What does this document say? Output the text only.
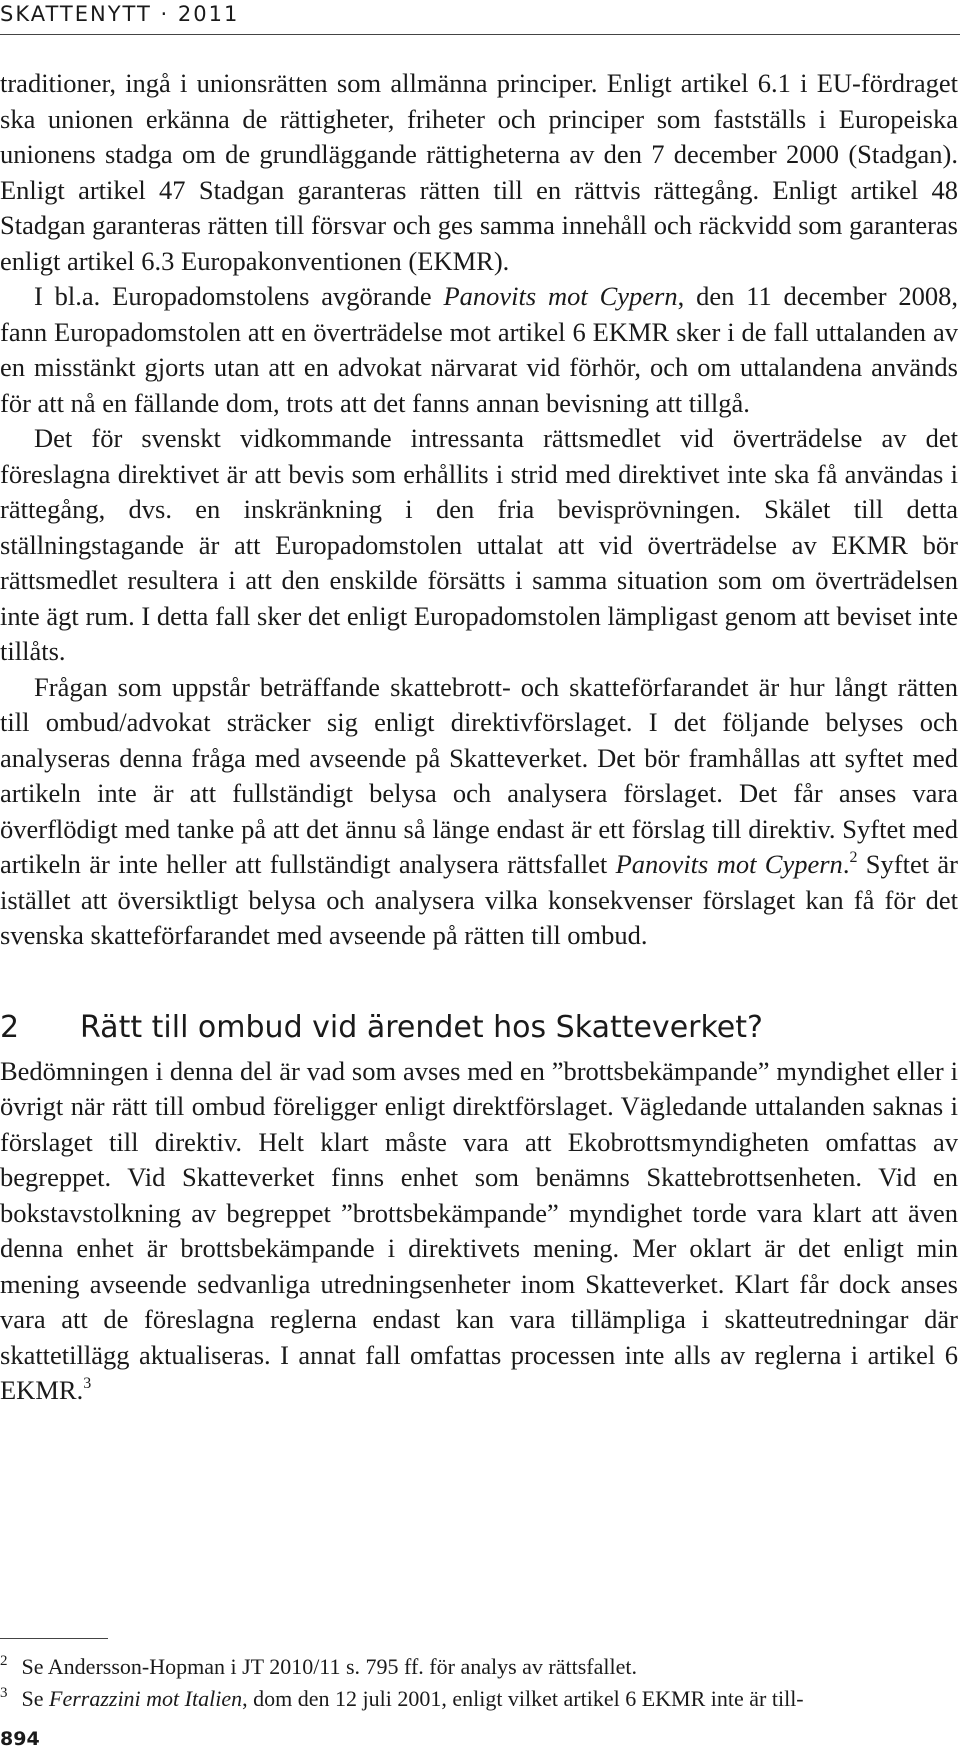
SKATTENYTT · 2011

traditioner, ingå i unionsrätten som allmänna principer. Enligt artikel 6.1 i EU-fördraget ska unionen erkänna de rättigheter, friheter och principer som fastställs i Europeiska unionens stadga om de grundläggande rättigheterna av den 7 december 2000 (Stadgan). Enligt artikel 47 Stadgan garanteras rätten till en rättvis rättegång. Enligt artikel 48 Stadgan garanteras rätten till försvar och ges samma innehåll och räckvidd som garanteras enligt artikel 6.3 Europakonventionen (EKMR).

I bl.a. Europadomstolens avgörande Panovits mot Cypern, den 11 december 2008, fann Europadomstolen att en överträdelse mot artikel 6 EKMR sker i de fall uttalanden av en misstänkt gjorts utan att en advokat närvarat vid förhör, och om uttalandena används för att nå en fällande dom, trots att det fanns annan bevisning att tillgå.

Det för svenskt vidkommande intressanta rättsmedlet vid överträdelse av det föreslagna direktivet är att bevis som erhållits i strid med direktivet inte ska få användas i rättegång, dvs. en inskränkning i den fria bevisprövningen. Skälet till detta ställningstagande är att Europadomstolen uttalat att vid överträdelse av EKMR bör rättsmedlet resultera i att den enskilde försätts i samma situation som om överträdelsen inte ägt rum. I detta fall sker det enligt Europadomstolen lämpligast genom att beviset inte tillåts.

Frågan som uppstår beträffande skattebrott- och skatteförfarandet är hur långt rätten till ombud/advokat sträcker sig enligt direktivförslaget. I det följande belyses och analyseras denna fråga med avseende på Skatteverket. Det bör framhållas att syftet med artikeln inte är att fullständigt belysa och analysera förslaget. Det får anses vara överflödigt med tanke på att det ännu så länge endast är ett förslag till direktiv. Syftet med artikeln är inte heller att fullständigt analysera rättsfallet Panovits mot Cypern.$^2$ Syftet är istället att översiktligt belysa och analysera vilka konsekvenser förslaget kan få för det svenska skatteförfarandet med avseende på rätten till ombud.

2 Rätt till ombud vid ärendet hos Skatteverket?

Bedömningen i denna del är vad som avses med en ”brottsbekämpande” myndighet eller i övrigt när rätt till ombud föreligger enligt direktförslaget. Vägledande uttalanden saknas i förslaget till direktiv. Helt klart måste vara att Ekobrottsmyndigheten omfattas av begreppet. Vid Skatteverket finns enhet som benämns Skattebrottsenheten. Vid en bokstavstolkning av begreppet ”brottsbekämpande” myndighet torde vara klart att även denna enhet är brottsbekämpande i direktivets mening. Mer oklart är det enligt min mening avseende sedvanliga utredningsenheter inom Skatteverket. Klart får dock anses vara att de föreslagna reglerna endast kan vara tillämpliga i skatteutredningar där skattetillägg aktualiseras. I annat fall omfattas processen inte alls av reglerna i artikel 6 EKMR.$^3$

$^2$ Se Andersson-Hopman i JT 2010/11 s. 795 ff. för analys av rättsfallet.

$^3$ Se Ferrazzini mot Italien, dom den 12 juli 2001, enligt vilket artikel 6 EKMR inte är till-

894
